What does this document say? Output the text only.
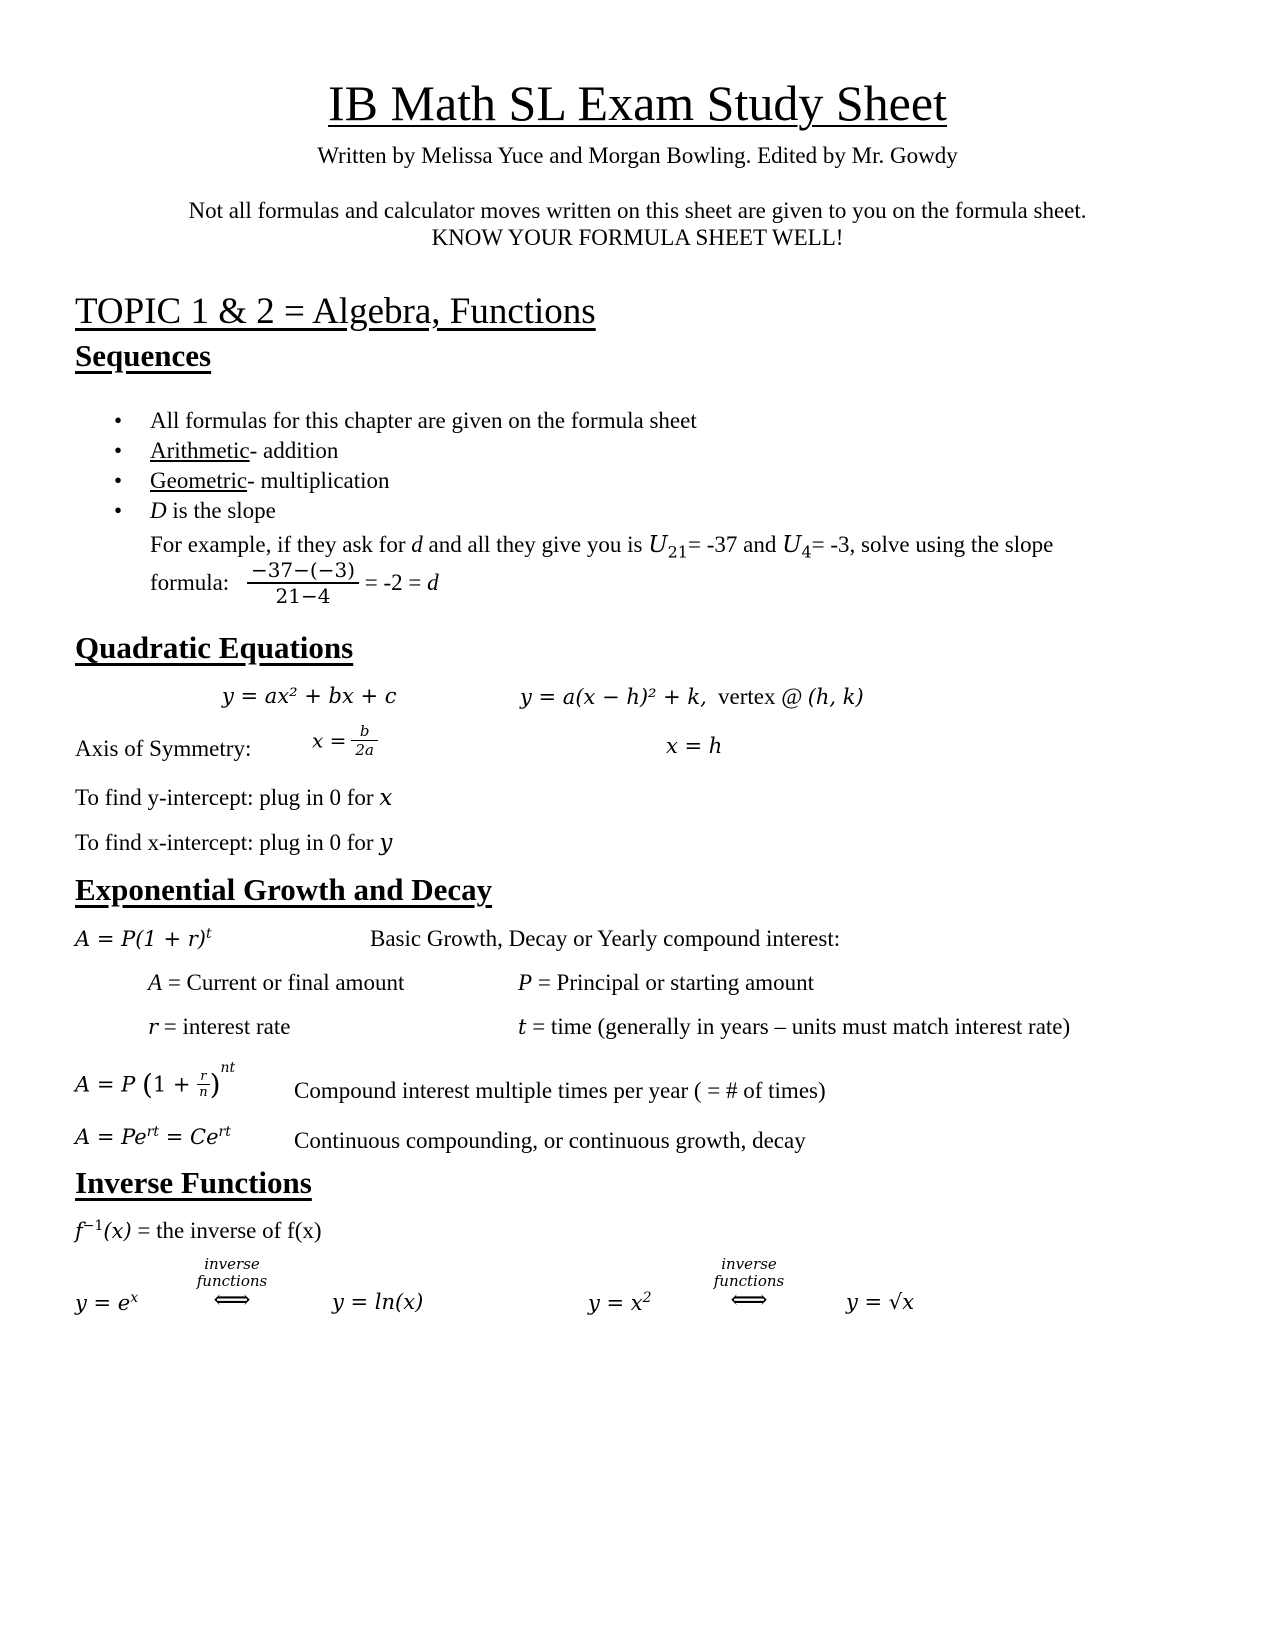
IB Math SL Exam Study Sheet
Written by Melissa Yuce and Morgan Bowling. Edited by Mr. Gowdy
Not all formulas and calculator moves written on this sheet are given to you on the formula sheet.
KNOW YOUR FORMULA SHEET WELL!
TOPIC 1 & 2 = Algebra, Functions
Sequences
• All formulas for this chapter are given on the formula sheet
• Arithmetic- addition
• Geometric- multiplication
• D is the slope
For example, if they ask for d and all they give you is $U_{21}= -37$ and $U_4= -3$, solve using the slope
formula: $\frac{-37-(-3)}{21-4} = -2 = d$
Quadratic Equations
y = ax² + bx + c	y = a(x − h)² + k, vertex @ (h, k)
Axis of Symmetry:	$x = \frac{b}{2a}$	x = h
To find y-intercept: plug in 0 for x
To find x-intercept: plug in 0 for y
Exponential Growth and Decay
$A = P(1 + r)^t$	Basic Growth, Decay or Yearly compound interest:
A = Current or final amount	P = Principal or starting amount
r = interest rate	t = time (generally in years – units must match interest rate)
A = P $(1 + \frac{r}{n} )^{nt}$
Compound interest multiple times per year ( = # of times)
$A = Pe^{rt} = Ce^{rt}$	Continuous compounding, or continuous growth, decay
Inverse Functions
$f^{-1}(x)$ = the inverse of f(x)
$y = e^x$
inverse
functions
⟺	y = ln(x)	$y = x^2$
inverse
functions
⟺	y = √x
